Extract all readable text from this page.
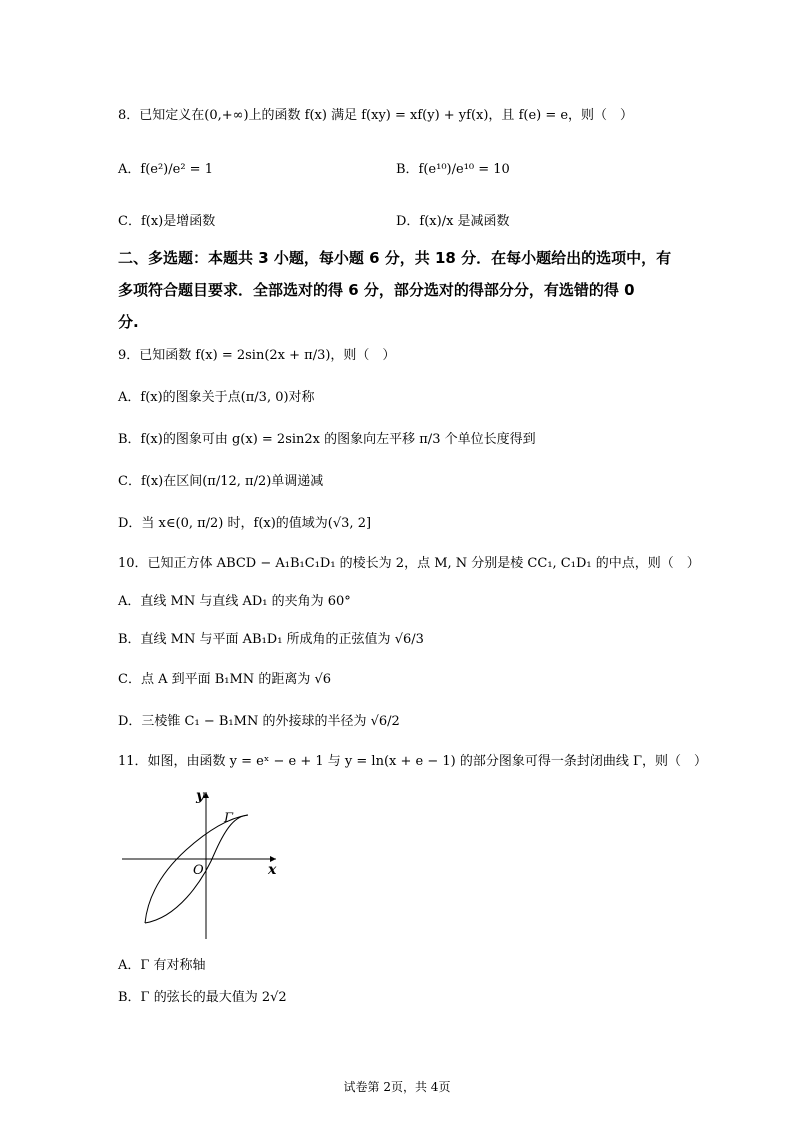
8．已知定义在(0,+∞)上的函数 f(x) 满足 f(xy) = xf(y) + yf(x)，且 f(e) = e，则（　）
A．f(e²)/e² = 1	B．f(e¹⁰)/e¹⁰ = 10
C．f(x)是增函数	D．f(x)/x 是减函数
二、多选题：本题共 3 小题，每小题 6 分，共 18 分．在每小题给出的选项中，有
多项符合题目要求．全部选对的得 6 分，部分选对的得部分分，有选错的得 0
分.
9．已知函数 f(x) = 2sin(2x + π/3)，则（　）
A．f(x)的图象关于点(π/3, 0)对称
B．f(x)的图象可由 g(x) = 2sin2x 的图象向左平移 π/3 个单位长度得到
C．f(x)在区间(π/12, π/2)单调递减
D．当 x∈(0, π/2) 时，f(x)的值域为(√3, 2]
10．已知正方体 ABCD − A₁B₁C₁D₁ 的棱长为 2，点 M, N 分别是棱 CC₁, C₁D₁ 的中点，则（　）
A．直线 MN 与直线 AD₁ 的夹角为 60°
B．直线 MN 与平面 AB₁D₁ 所成角的正弦值为 √6/3
C．点 A 到平面 B₁MN 的距离为 √6
D．三棱锥 C₁ − B₁MN 的外接球的半径为 √6/2
11．如图，由函数 y = eˣ − e + 1 与 y = ln(x + e − 1) 的部分图象可得一条封闭曲线 Γ，则（　）
y
x
O
Γ
A．Γ 有对称轴
B．Γ 的弦长的最大值为 2√2
试卷第 2页，共 4页
